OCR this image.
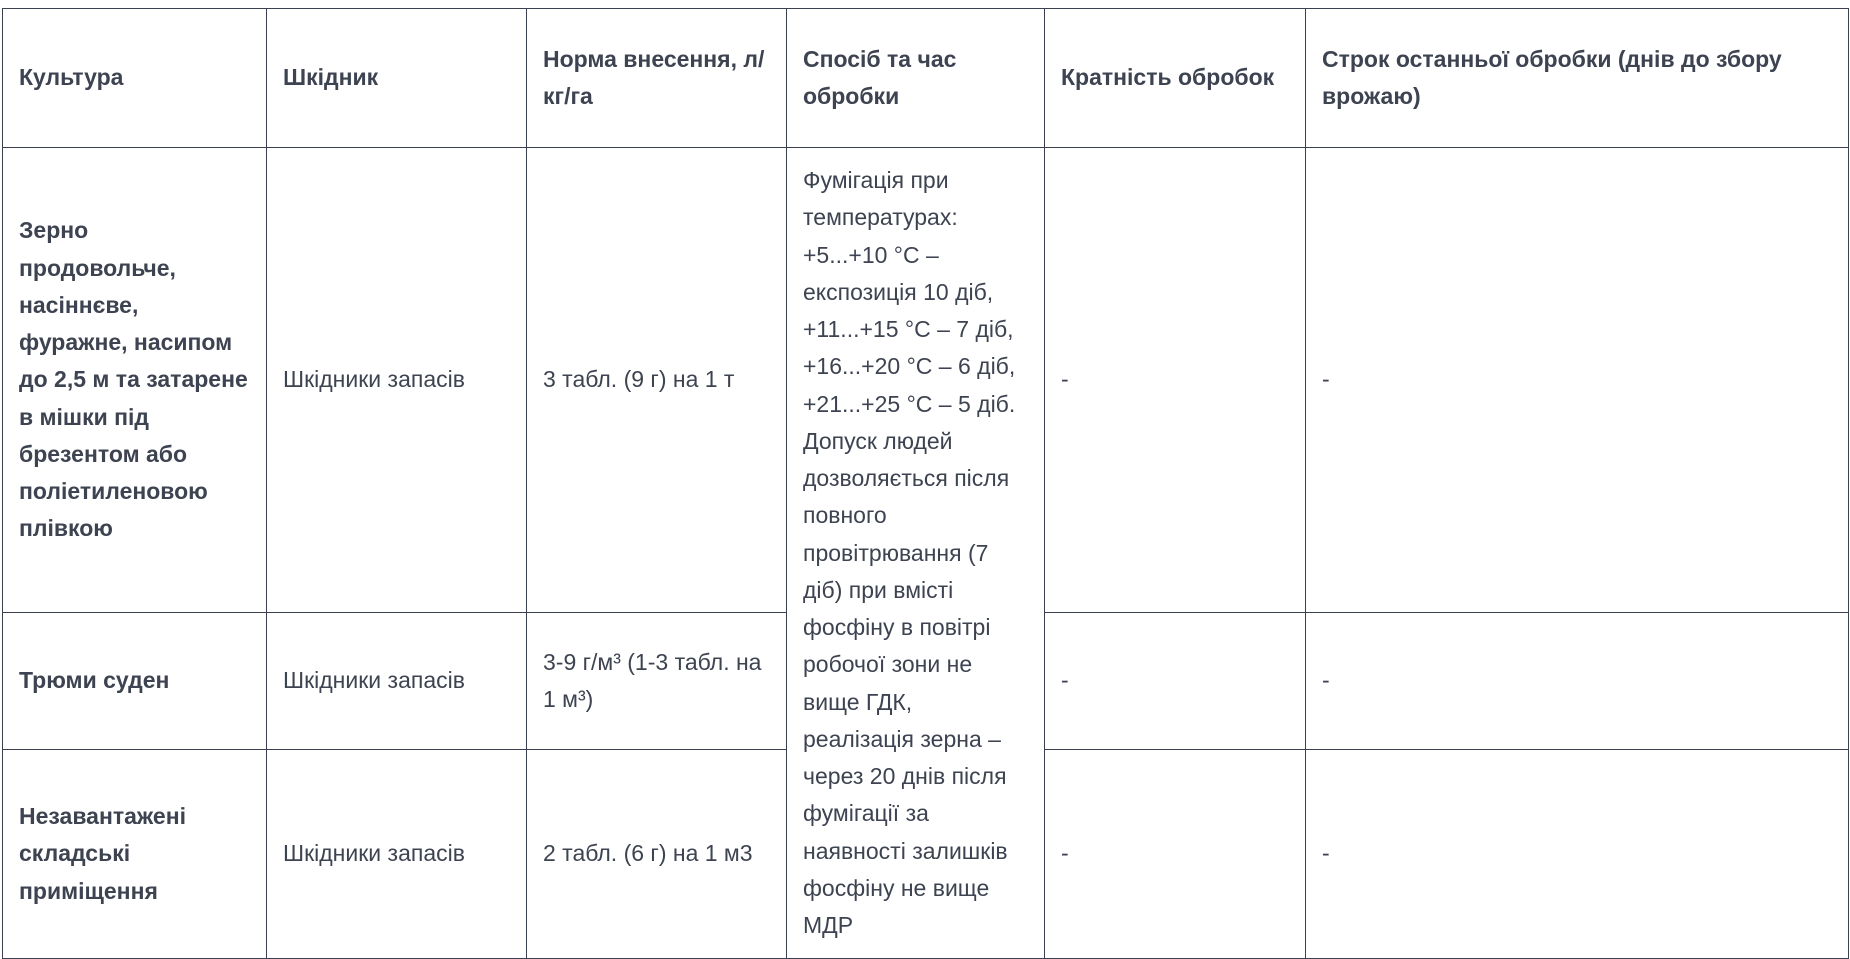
Культура	Шкідник	Норма внесення, л/кг/га	Спосіб та час обробки	Кратність обробок	Строк останньої обробки (днів до збору врожаю)
Зерно продовольче, насіннєве, фуражне, насипом до 2,5 м та затарене в мішки під брезентом або поліетиленовою плівкою	Шкідники запасів	3 табл. (9 г) на 1 т	Фумігація при температурах: +5...+10 °C – експозиція 10 діб, +11...+15 °C – 7 діб, +16...+20 °C – 6 діб, +21...+25 °C – 5 діб. Допуск людей дозволяється після повного провітрювання (7 діб) при вмісті фосфіну в повітрі робочої зони не вище ГДК, реалізація зерна – через 20 днів після фумігації за наявності залишків фосфіну не вище МДР	-	-
Трюми суден	Шкідники запасів	3-9 г/м³ (1-3 табл. на 1 м³)		-	-
Незавантажені складські приміщення	Шкідники запасів	2 табл. (6 г) на 1 м3		-	-
